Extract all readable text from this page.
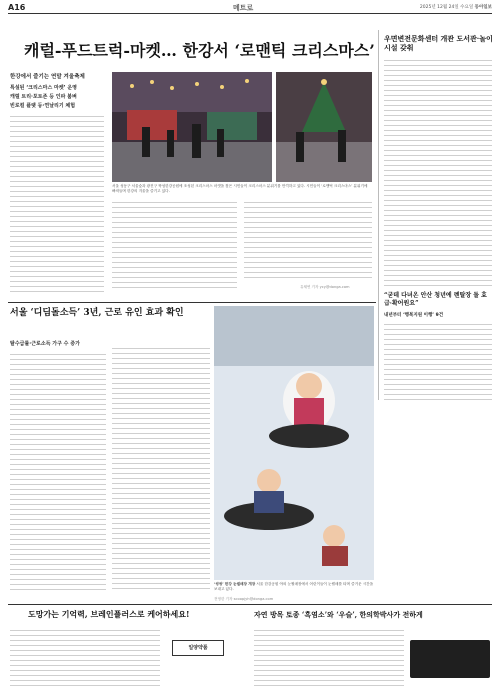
A16	메트로	2025년 12월 24일 수요일 동아일보
캐럴-푸드트럭-마켓… 한강서 ‘로맨틱 크리스마스’
한강에서 즐기는 연말 겨울축제
특설된 ‘크리스마스 마켓’ 운영
캐럴 트리·포토존 등 인파 붐벼
빈로컬 플랫 등·연날리기 체험
서울 성동구 서울숲과 광진구 뚝섬한강공원에 조성된 크리스마스 마켓을 찾은 시민들이 크리스마스 분위기를 만끽하고 있다. 시민들이 ‘로맨틱 크리스마스’ 분위기에 빠져들며 한강의 겨울을 즐기고 있다.
유채연 기자 ycy@donga.com
우면변전문화센터 개관 도서관·놀이시설 갖춰
“굳데 다녀온 안산 청년에 렌탈장 돌 효급·확어원요”
내년부터 ‘행복지원 이행’ 9건
서울 ‘디딤돌소득’ 3년, 근로 유인 효과 확인
탈수급률·근로소득 가구 수 증가
‘씽씽’ 한강 눈썰매장 개장 서울 한강공원 야외 눈썰매장에서 어린이들이 눈썰매를 타며 즐거운 시간을 보내고 있다.
전영한 기자 scoopjyh@donga.com
도망가는 기억력, 브레인플러스로 케어하세요!
일양약품
자연 방목 토종 ‘흑염소’와 ‘우슬’, 한의학박사가 전하게
